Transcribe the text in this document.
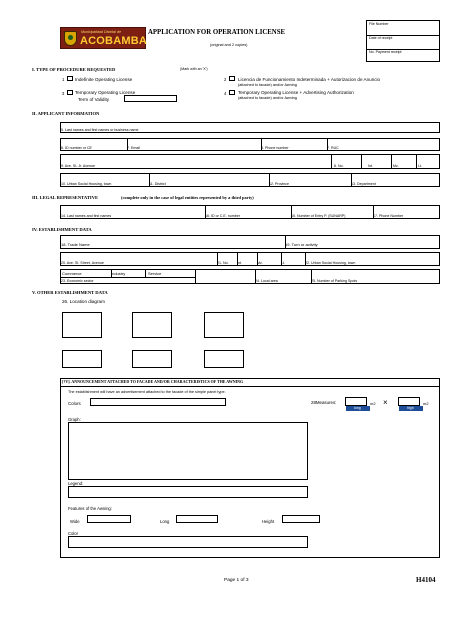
Municipalidad Distrital de
ACOBAMBA
APPLICATION FOR OPERATION LICENSE
(original and 2 copies)
File Number
Date of receipt
No. Payment receipt
I. TYPE OF PROCEDURE REQUESTED	(Mark with an 'X')
1 Indefinite Operating License	2	Licencia de Funcionamiento Indeterminada + Autorizacion de Anuncio
(attached to facade) and/or Awning
3 Temporary Operating License
Term of Validity
4	Temporary Operating License + Advertising Authorization
(attached to facade) and/or Awning
II. APPLICANT INFORMATION
5. Last names and first names or business name
6. ID number or CE	7. Email	8. Phone number	7. RUC
9. Ave. St. Jr. Avenue	8. No.	Int.	Mz.	Lt.
10. Urban Social Housing, town	11. District	12. Province	13. Department
III. LEGAL REPRESENTATIVE	(complete only in the case of legal entities represented by a third party)
14. Last names and first names	16. ID or C.E. number	15. Number of Entry P. (SUNARP)	17. Phone Number
IV. ESTABLISHMENT DATA
18. Trade Name	19. Turn or activity
20. Ave. St. Street, Avenue	21. No. Int.	Mz.	Lt.	22. Urban Social Housing, town
Commerce	Industry	Service
23. Economic sector	24. Local area	25. Number of Parking Spots
V. OTHER ESTABLISHMENT DATA
26. Location diagram
[?V]. ANNOUNCEMENT ATTACHED TO FACADE AND/OR CHARACTERISTICS OF THE AWNING
The establishment will have an advertisement attached to the facade of the simple panel type.
Colors	28Measures:	m2 ×	m2
long	high
Graph:
Legend:
Features of the Awning:
Wide	Long	Height
Color
Page 1 of 3	H4104
